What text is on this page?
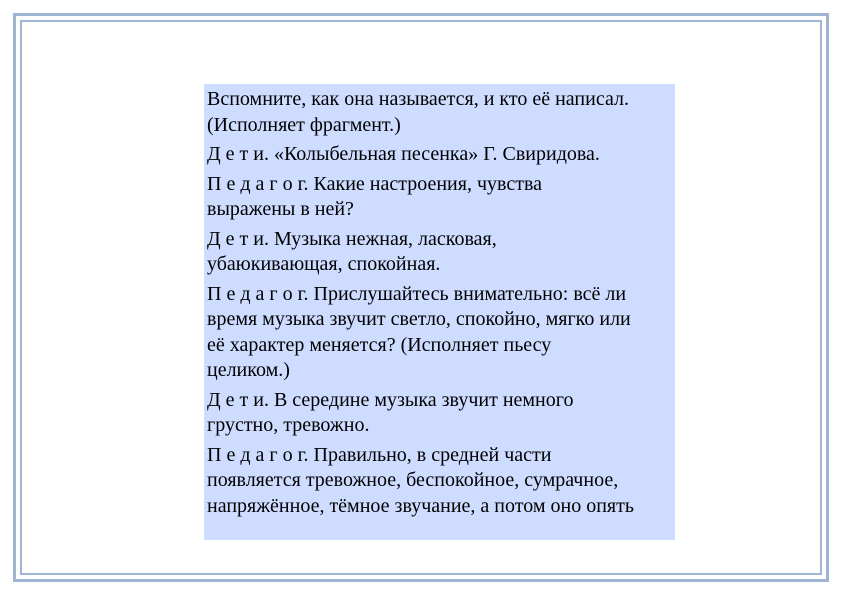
Вспомните, как она называется, и кто её написал.
(Исполняет фрагмент.)

Д е т и. «Колыбельная песенка» Г. Свиридова.

П е д а г о г. Какие настроения, чувства
выражены в ней?

Д е т и. Музыка нежная, ласковая,
убаюкивающая, спокойная.

П е д а г о г. Прислушайтесь внимательно: всё ли
время музыка звучит светло, спокойно, мягко или
её характер меняется? (Исполняет пьесу
целиком.)

Д е т и. В середине музыка звучит немного
грустно, тревожно.

П е д а г о г. Правильно, в средней части
появляется тревожное, беспокойное, сумрачное,
напряжённое, тёмное звучание, а потом оно опять
